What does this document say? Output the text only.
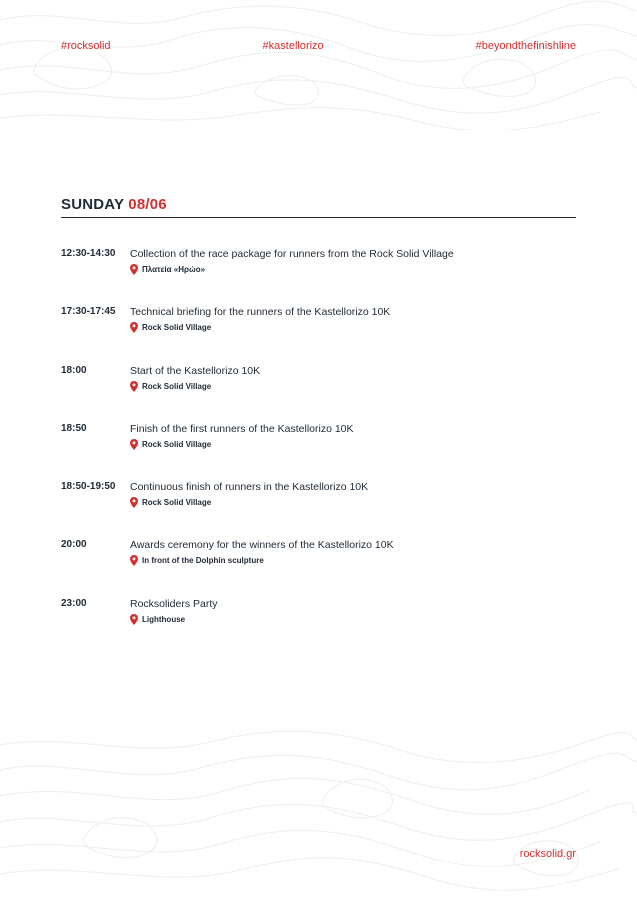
#rocksolid	#kastellorizo	#beyondthefinishline
SUNDAY 08/06
12:30-14:30 Collection of the race package for runners from the Rock Solid Village
Πλατεία «Ηρώο»
17:30-17:45 Technical briefing for the runners of the Kastellorizo 10K
Rock Solid Village
18:00	Start of the Kastellorizo 10K
Rock Solid Village
18:50	Finish of the first runners of the Kastellorizo 10K
Rock Solid Village
18:50-19:50 Continuous finish of runners in the Kastellorizo 10K
Rock Solid Village
20:00	Awards ceremony for the winners of the Kastellorizo 10K
In front of the Dolphin sculpture
23:00	Rocksoliders Party
Lighthouse
rocksolid.gr
